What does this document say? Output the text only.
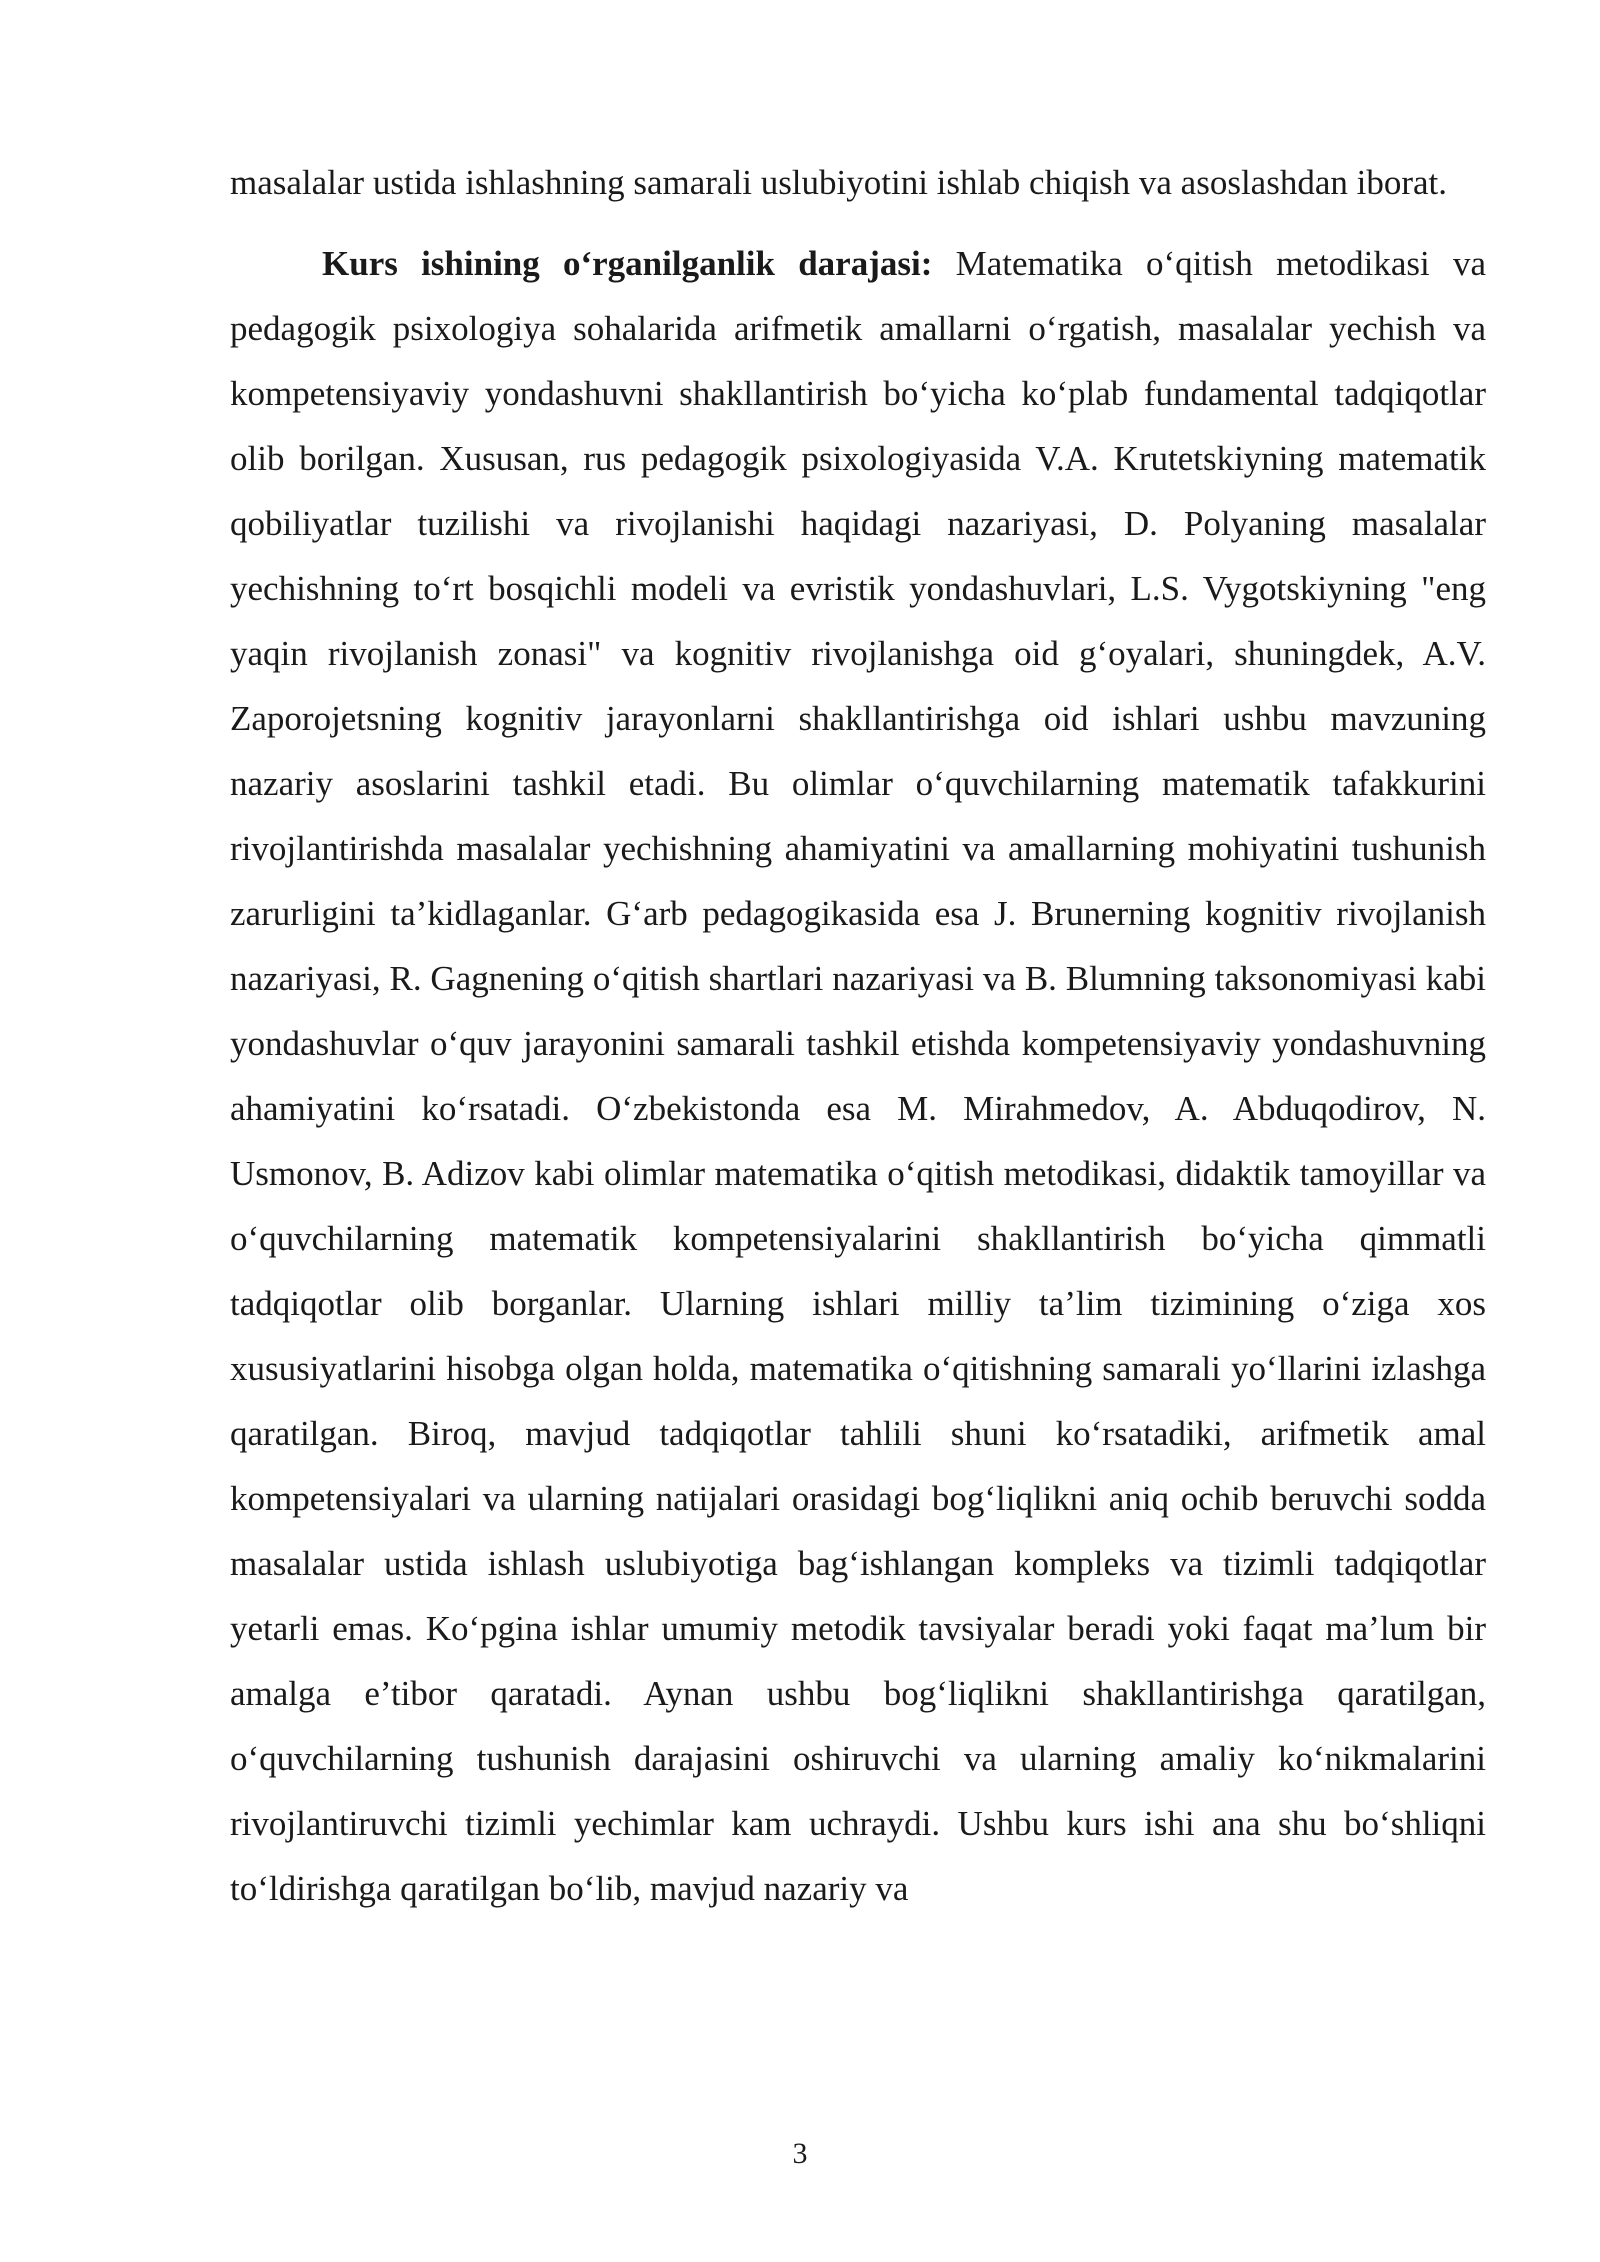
masalalar ustida ishlashning samarali uslubiyotini ishlab chiqish va asoslashdan iborat.

Kurs ishining o‘rganilganlik darajasi: Matematika o‘qitish metodikasi va pedagogik psixologiya sohalarida arifmetik amallarni o‘rgatish, masalalar yechish va kompetensiyaviy yondashuvni shakllantirish bo‘yicha ko‘plab fundamental tadqiqotlar olib borilgan. Xususan, rus pedagogik psixologiyasida V.A. Krutetskiyning matematik qobiliyatlar tuzilishi va rivojlanishi haqidagi nazariyasi, D. Polyaning masalalar yechishning to‘rt bosqichli modeli va evristik yondashuvlari, L.S. Vygotskiyning "eng yaqin rivojlanish zonasi" va kognitiv rivojlanishga oid g‘oyalari, shuningdek, A.V. Zaporojetsning kognitiv jarayonlarni shakllantirishga oid ishlari ushbu mavzuning nazariy asoslarini tashkil etadi. Bu olimlar o‘quvchilarning matematik tafakkurini rivojlantirishda masalalar yechishning ahamiyatini va amallarning mohiyatini tushunish zarurligini ta’kidlaganlar. G‘arb pedagogikasida esa J. Brunerning kognitiv rivojlanish nazariyasi, R. Gagnening o‘qitish shartlari nazariyasi va B. Blumning taksonomiyasi kabi yondashuvlar o‘quv jarayonini samarali tashkil etishda kompetensiyaviy yondashuvning ahamiyatini ko‘rsatadi. O‘zbekistonda esa M. Mirahmedov, A. Abduqodirov, N. Usmonov, B. Adizov kabi olimlar matematika o‘qitish metodikasi, didaktik tamoyillar va o‘quvchilarning matematik kompetensiyalarini shakllantirish bo‘yicha qimmatli tadqiqotlar olib borganlar. Ularning ishlari milliy ta’lim tizimining o‘ziga xos xususiyatlarini hisobga olgan holda, matematika o‘qitishning samarali yo‘llarini izlashga qaratilgan. Biroq, mavjud tadqiqotlar tahlili shuni ko‘rsatadiki, arifmetik amal kompetensiyalari va ularning natijalari orasidagi bog‘liqlikni aniq ochib beruvchi sodda masalalar ustida ishlash uslubiyotiga bag‘ishlangan kompleks va tizimli tadqiqotlar yetarli emas. Ko‘pgina ishlar umumiy metodik tavsiyalar beradi yoki faqat ma’lum bir amalga e’tibor qaratadi. Aynan ushbu bog‘liqlikni shakllantirishga qaratilgan, o‘quvchilarning tushunish darajasini oshiruvchi va ularning amaliy ko‘nikmalarini rivojlantiruvchi tizimli yechimlar kam uchraydi. Ushbu kurs ishi ana shu bo‘shliqni to‘ldirishga qaratilgan bo‘lib, mavjud nazariy va

3
